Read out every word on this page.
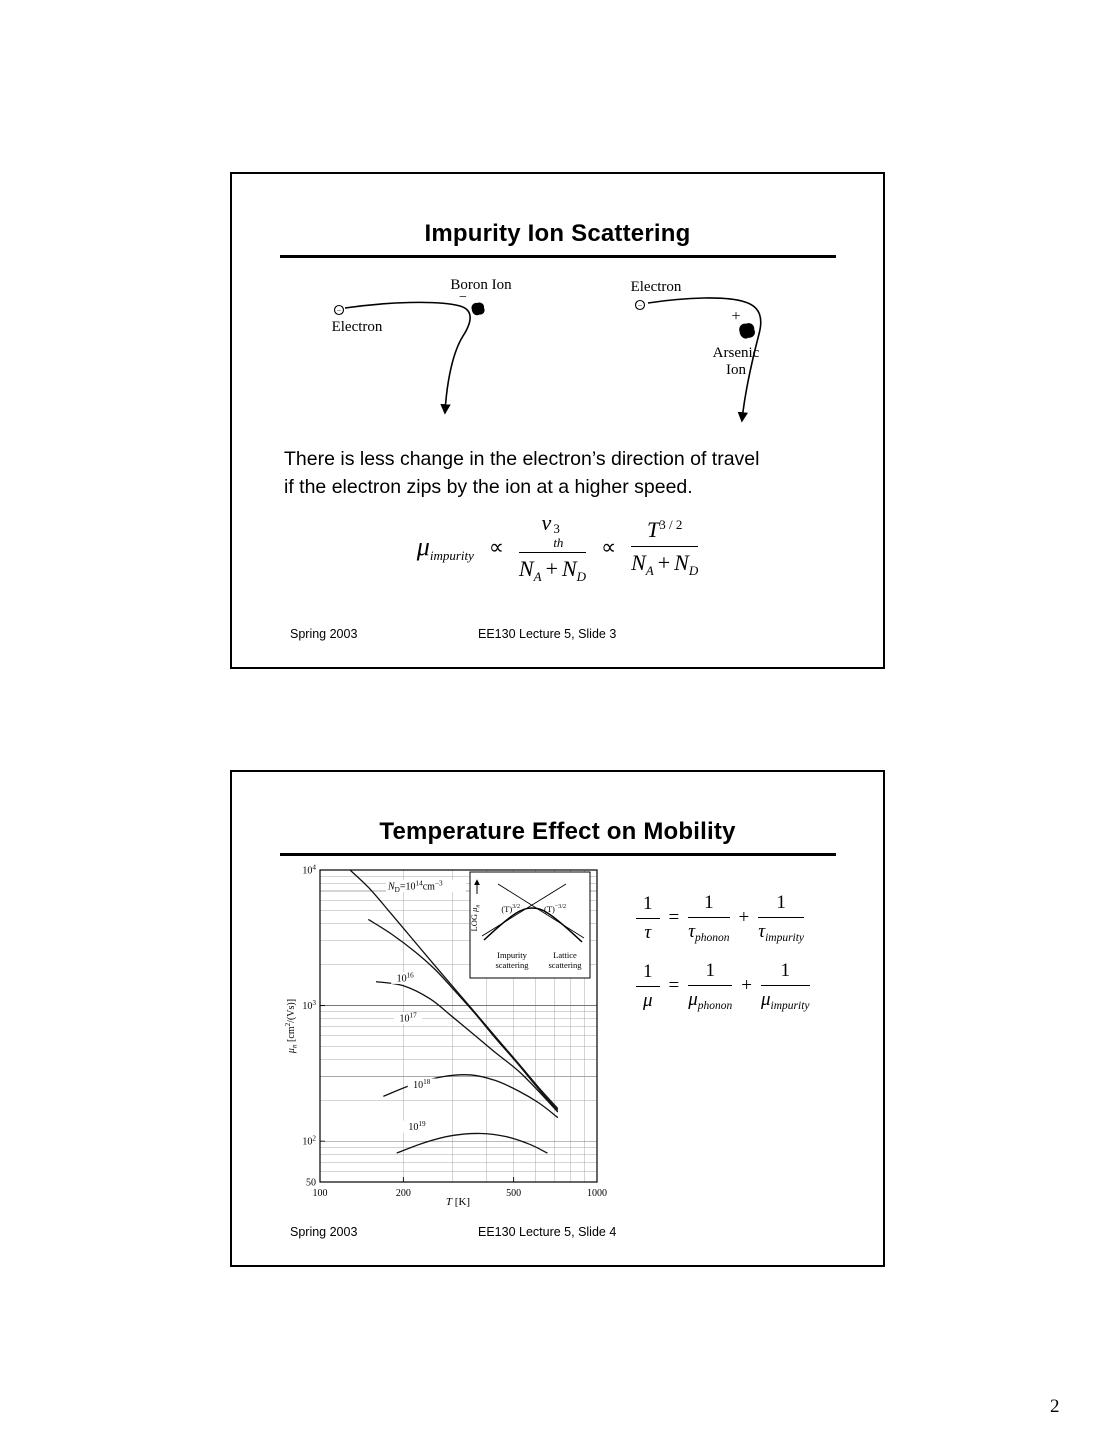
Impurity Ion Scattering
Boron Ion
−
−
Electron
Electron
−
+
Arsenic
Ion
There is less change in the electron’s direction of travel
if the electron zips by the ion at a higher speed.
$\mu_{impurity} \propto v$ 3
th
$N_A + N_D \propto \frac{T^{3 / 2}}{N_A + N_D}$
Spring 2003	EE130 Lecture 5, Slide 3
Temperature Effect on Mobility
100	200	500	1000
50
$10^2$
$10^3$
$10^4$
T [K]
$\mu_n$ $[cm^2/(Vs)]$
$N_D=10^{14}cm^{-3}$
$10^{16}$
$10^{17}$
$10^{18}$
$10^{19}$
LOG $\mu_n$ $(T)^{3/2}$	$(T)^{-3/2}$
Impurity
scattering
Lattice
scattering
$\frac{1}{\tau} = \frac{1}{\tau_{phonon}} + \frac{1}{\tau_{impurity}}$
$\frac{1}{\mu} = \frac{1}{\mu_{phonon}} + \frac{1}{\mu_{impurity}}$
Spring 2003	EE130 Lecture 5, Slide 4
2
